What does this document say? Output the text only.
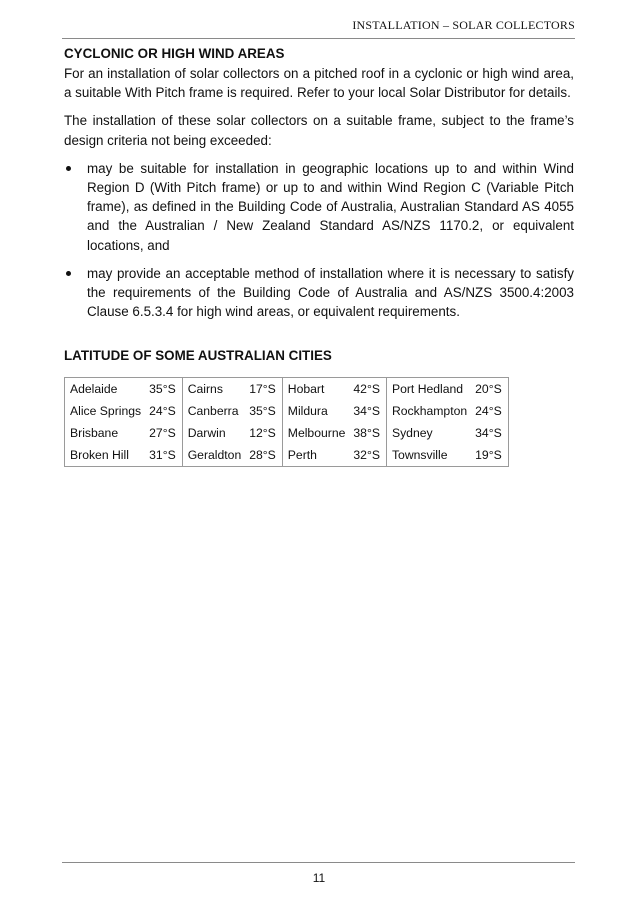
INSTALLATION – SOLAR COLLECTORS

CYCLONIC OR HIGH WIND AREAS

For an installation of solar collectors on a pitched roof in a cyclonic or high wind area, a suitable With Pitch frame is required. Refer to your local Solar Distributor for details.

The installation of these solar collectors on a suitable frame, subject to the frame’s design criteria not being exceeded:

may be suitable for installation in geographic locations up to and within Wind Region D (With Pitch frame) or up to and within Wind Region C (Variable Pitch frame), as defined in the Building Code of Australia, Australian Standard AS 4055 and the Australian / New Zealand Standard AS/NZS 1170.2, or equivalent locations, and
may provide an acceptable method of installation where it is necessary to satisfy the requirements of the Building Code of Australia and AS/NZS 3500.4:2003 Clause 6.5.3.4 for high wind areas, or equivalent requirements.

LATITUDE OF SOME AUSTRALIAN CITIES

Adelaide	35°S	Cairns	17°S	Hobart	42°S	Port Hedland	20°S
Alice Springs	24°S	Canberra	35°S	Mildura	34°S	Rockhampton	24°S
Brisbane	27°S	Darwin	12°S	Melbourne	38°S	Sydney	34°S
Broken Hill	31°S	Geraldton	28°S	Perth	32°S	Townsville	19°S
11
